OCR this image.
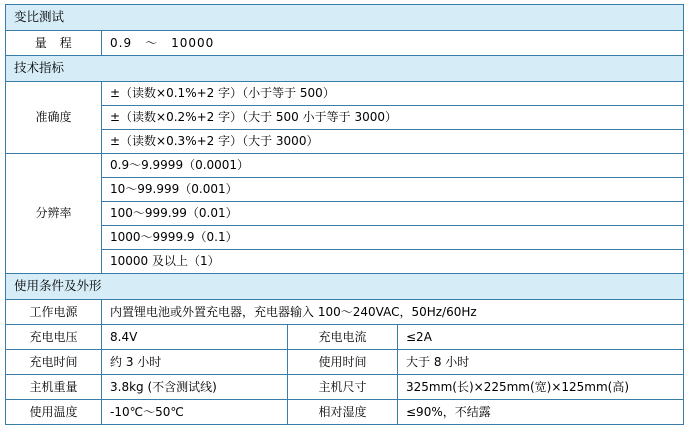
变比测试

量　程	0.9　～　10000

技术指标

准确度

±（读数×0.1%+2 字）（小于等于 500）

±（读数×0.2%+2 字）（大于 500 小于等于 3000）

±（读数×0.3%+2 字）（大于 3000）

分辨率

0.9～9.9999（0.0001）

10～99.999（0.001）

100～999.99（0.01）

1000～9999.9（0.1）

10000 及以上（1）

使用条件及外形

工作电源	内置锂电池或外置充电器，充电器输入 100～240VAC，50Hz/60Hz

充电电压	8.4V	充电电流	≤2A

充电时间	约 3 小时	使用时间	大于 8 小时

主机重量	3.8kg (不含测试线)	主机尺寸	325mm(长)×225mm(宽)×125mm(高)

使用温度	-10℃～50℃	相对湿度	≤90%，不结露
